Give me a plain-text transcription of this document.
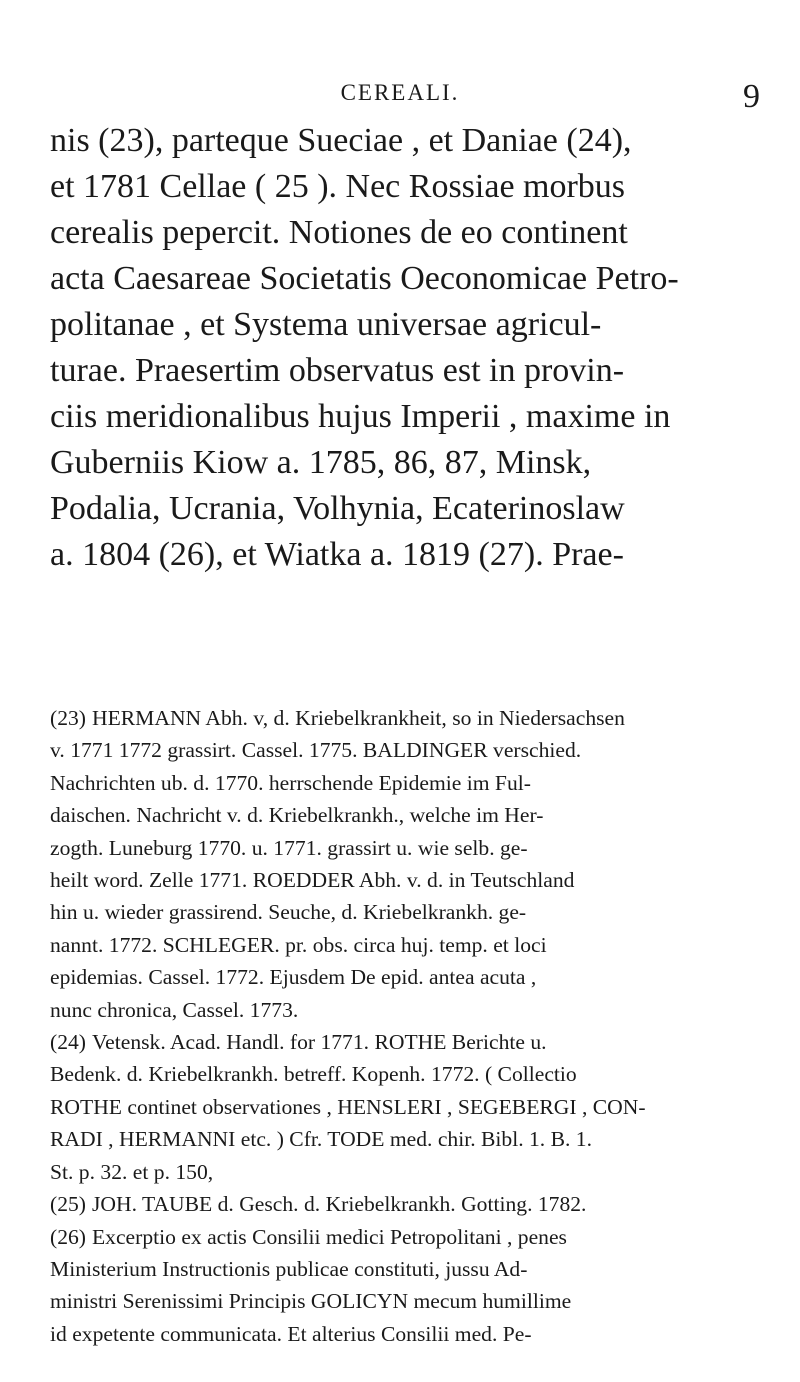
CEREALI.	9
nis (23), parteque Sueciae , et Daniae (24),
et 1781 Cellae ( 25 ). Nec Rossiae morbus
cerealis pepercit. Notiones de eo continent
acta Caesareae Societatis Oeconomicae Petro-
politanae , et Systema universae agricul-
turae. Praesertim observatus est in provin-
ciis meridionalibus hujus Imperii , maxime in
Guberniis Kiow a. 1785, 86, 87, Minsk,
Podalia, Ucrania, Volhynia, Ecaterinoslaw
a. 1804 (26), et Wiatka a. 1819 (27). Prae-
(23) HERMANN Abh. v, d. Kriebelkrankheit, so in Niedersachsen
v. 1771 1772 grassirt. Cassel. 1775. BALDINGER verschied.
Nachrichten ub. d. 1770. herrschende Epidemie im Ful-
daischen. Nachricht v. d. Kriebelkrankh., welche im Her-
zogth. Luneburg 1770. u. 1771. grassirt u. wie selb. ge-
heilt word. Zelle 1771. ROEDDER Abh. v. d. in Teutschland
hin u. wieder grassirend. Seuche, d. Kriebelkrankh. ge-
nannt. 1772. SCHLEGER. pr. obs. circa huj. temp. et loci
epidemias. Cassel. 1772. Ejusdem De epid. antea acuta ,
nunc chronica, Cassel. 1773.
(24) Vetensk. Acad. Handl. for 1771. ROTHE Berichte u.
Bedenk. d. Kriebelkrankh. betreff. Kopenh. 1772. ( Collectio
ROTHE continet observationes , HENSLERI , SEGEBERGI , CON-
RADI , HERMANNI etc. ) Cfr. TODE med. chir. Bibl. 1. B. 1.
St. p. 32. et p. 150,
(25) JOH. TAUBE d. Gesch. d. Kriebelkrankh. Gotting. 1782.
(26) Excerptio ex actis Consilii medici Petropolitani , penes
Ministerium Instructionis publicae constituti, jussu Ad-
ministri Serenissimi Principis GOLICYN mecum humillime
id expetente communicata. Et alterius Consilii med. Pe-
